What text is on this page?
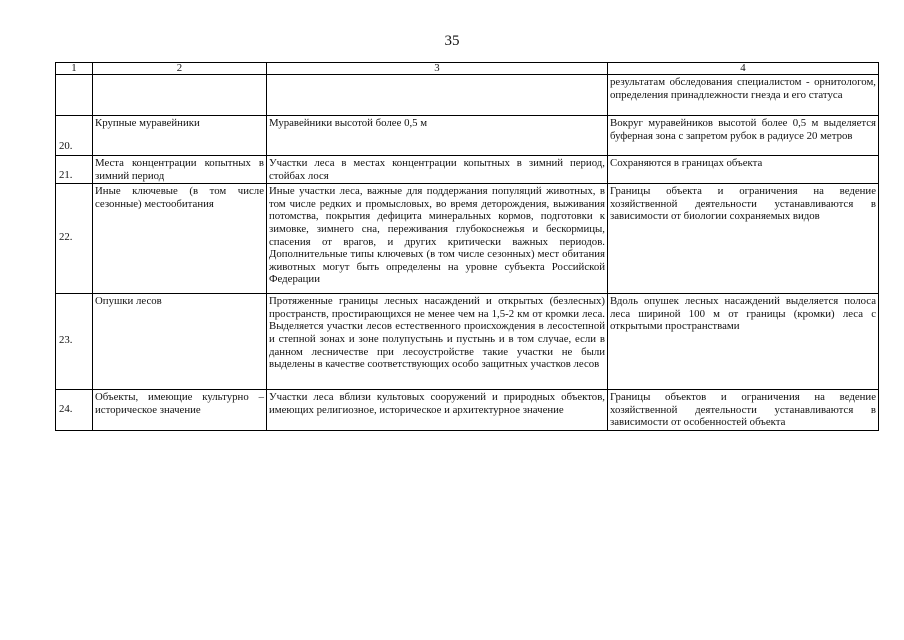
35
1	2	3	4
			результатам обследования специалистом - орнитологом, определения принадлежности гнезда и его статуса
20.	Крупные муравейники	Муравейники высотой более 0,5 м	Вокруг муравейников высотой более 0,5 м выделяется буферная зона с запретом рубок в радиусе 20 метров
21.	Места концентрации копытных в зимний период	Участки леса в местах концентрации копытных в зимний период, стойбах лося	Сохраняются в границах объекта
22.	Иные ключевые (в том числе сезонные) местообитания	Иные участки леса, важные для поддержания популяций животных, в том числе редких и промысловых, во время деторождения, выживания потомства, покрытия дефицита минеральных кормов, подготовки к зимовке, зимнего сна, переживания глубокоснежья и бескормицы, спасения от врагов, и других критически важных периодов. Дополнительные типы ключевых (в том числе сезонных) мест обитания животных могут быть определены на уровне субъекта Российской Федерации	Границы объекта и ограничения на ведение хозяйственной деятельности устанавливаются в зависимости от биологии сохраняемых видов
23.	Опушки лесов	Протяженные границы лесных насаждений и открытых (безлесных) пространств, простирающихся не менее чем на 1,5-2 км от кромки леса. Выделяется участки лесов естественного происхождения в лесостепной и степной зонах и зоне полупустынь и пустынь и в том случае, если в данном лесничестве при лесоустройстве такие участки не были выделены в качестве соответствующих особо защитных участков лесов	Вдоль опушек лесных насаждений выделяется полоса леса шириной 100 м от границы (кромки) леса с открытыми пространствами
24.	Объекты, имеющие культурно – историческое значение	Участки леса вблизи культовых сооружений и природных объектов, имеющих религиозное, историческое и архитектурное значение	Границы объектов и ограничения на ведение хозяйственной деятельности устанавливаются в зависимости от особенностей объекта
